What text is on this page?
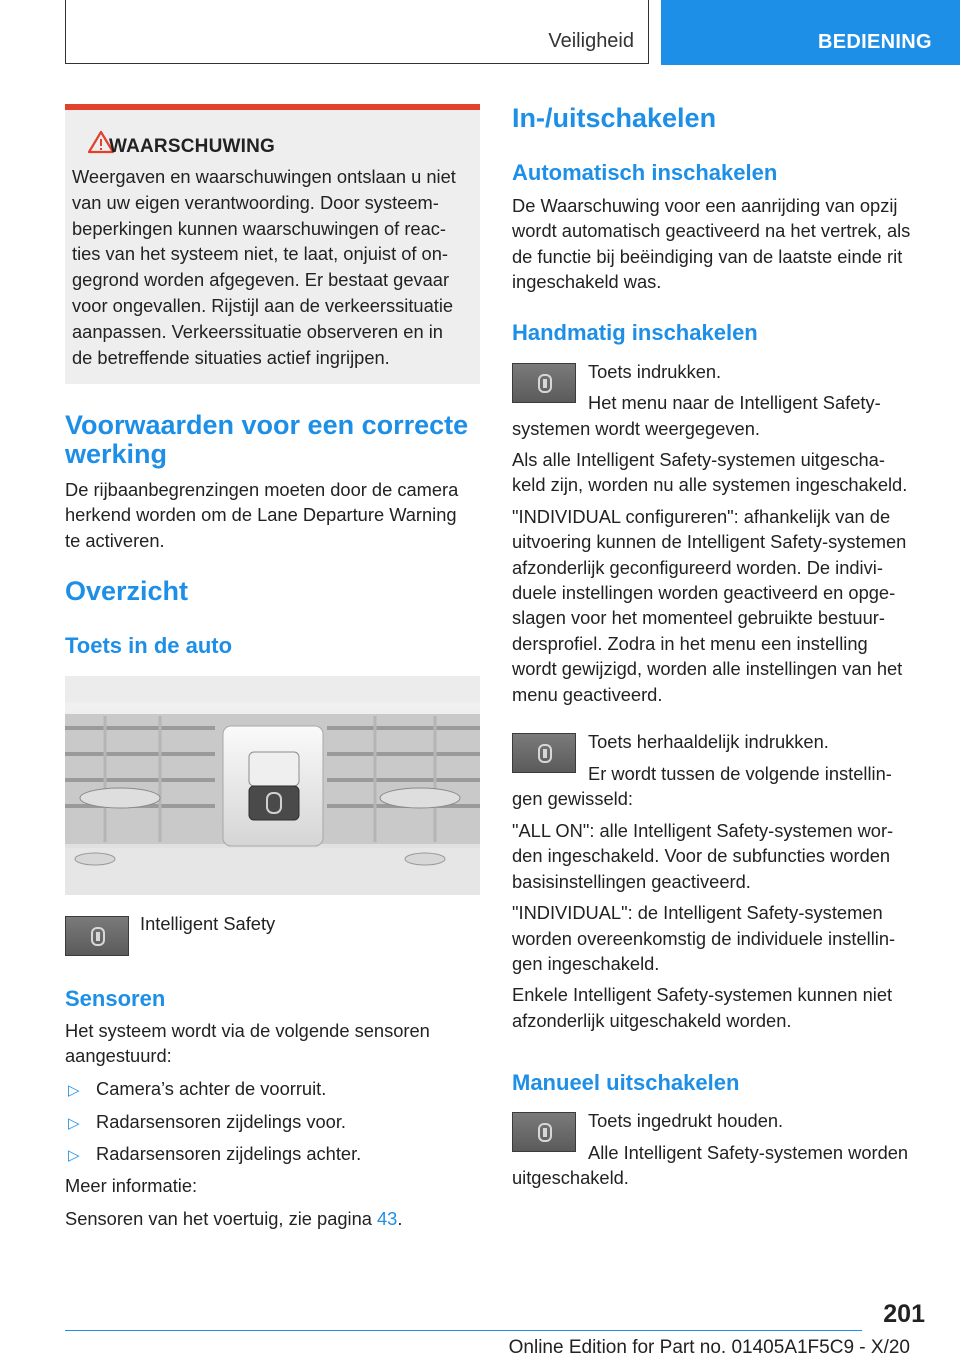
Veiligheid	BEDIENING
WAARSCHUWING
Weergaven en waarschuwingen ontslaan u niet
van uw eigen verantwoording. Door systeem-
beperkingen kunnen waarschuwingen of reac-
ties van het systeem niet, te laat, onjuist of on-
gegrond worden afgegeven. Er bestaat gevaar
voor ongevallen. Rijstijl aan de verkeerssituatie
aanpassen. Verkeerssituatie observeren en in
de betreffende situaties actief ingrijpen.
Voorwaarden voor een correcte
werking
De rijbaanbegrenzingen moeten door de camera
herkend worden om de Lane Departure Warning
te activeren.
Overzicht
Toets in de auto
Intelligent Safety
Sensoren
Het systeem wordt via de volgende sensoren
aangestuurd:
▷ Camera’s achter de voorruit.
▷ Radarsensoren zijdelings voor.
▷ Radarsensoren zijdelings achter.
Meer informatie:
Sensoren van het voertuig, zie pagina 43.
In-/uitschakelen
Automatisch inschakelen
De Waarschuwing voor een aanrijding van opzij
wordt automatisch geactiveerd na het vertrek, als
de functie bij beëindiging van de laatste einde rit
ingeschakeld was.
Handmatig inschakelen
Toets indrukken.
Het menu naar de Intelligent Safety-
systemen wordt weergegeven.
Als alle Intelligent Safety-systemen uitgescha-
keld zijn, worden nu alle systemen ingeschakeld.
"INDIVIDUAL configureren": afhankelijk van de
uitvoering kunnen de Intelligent Safety-systemen
afzonderlijk geconfigureerd worden. De indivi-
duele instellingen worden geactiveerd en opge-
slagen voor het momenteel gebruikte bestuur-
dersprofiel. Zodra in het menu een instelling
wordt gewijzigd, worden alle instellingen van het
menu geactiveerd.
Toets herhaaldelijk indrukken.
Er wordt tussen de volgende instellin-
gen gewisseld:
"ALL ON": alle Intelligent Safety-systemen wor-
den ingeschakeld. Voor de subfuncties worden
basisinstellingen geactiveerd.
"INDIVIDUAL": de Intelligent Safety-systemen
worden overeenkomstig de individuele instellin-
gen ingeschakeld.
Enkele Intelligent Safety-systemen kunnen niet
afzonderlijk uitgeschakeld worden.
Manueel uitschakelen
Toets ingedrukt houden.
Alle Intelligent Safety-systemen worden
uitgeschakeld.
201
Online Edition for Part no. 01405A1F5C9 - X/20
